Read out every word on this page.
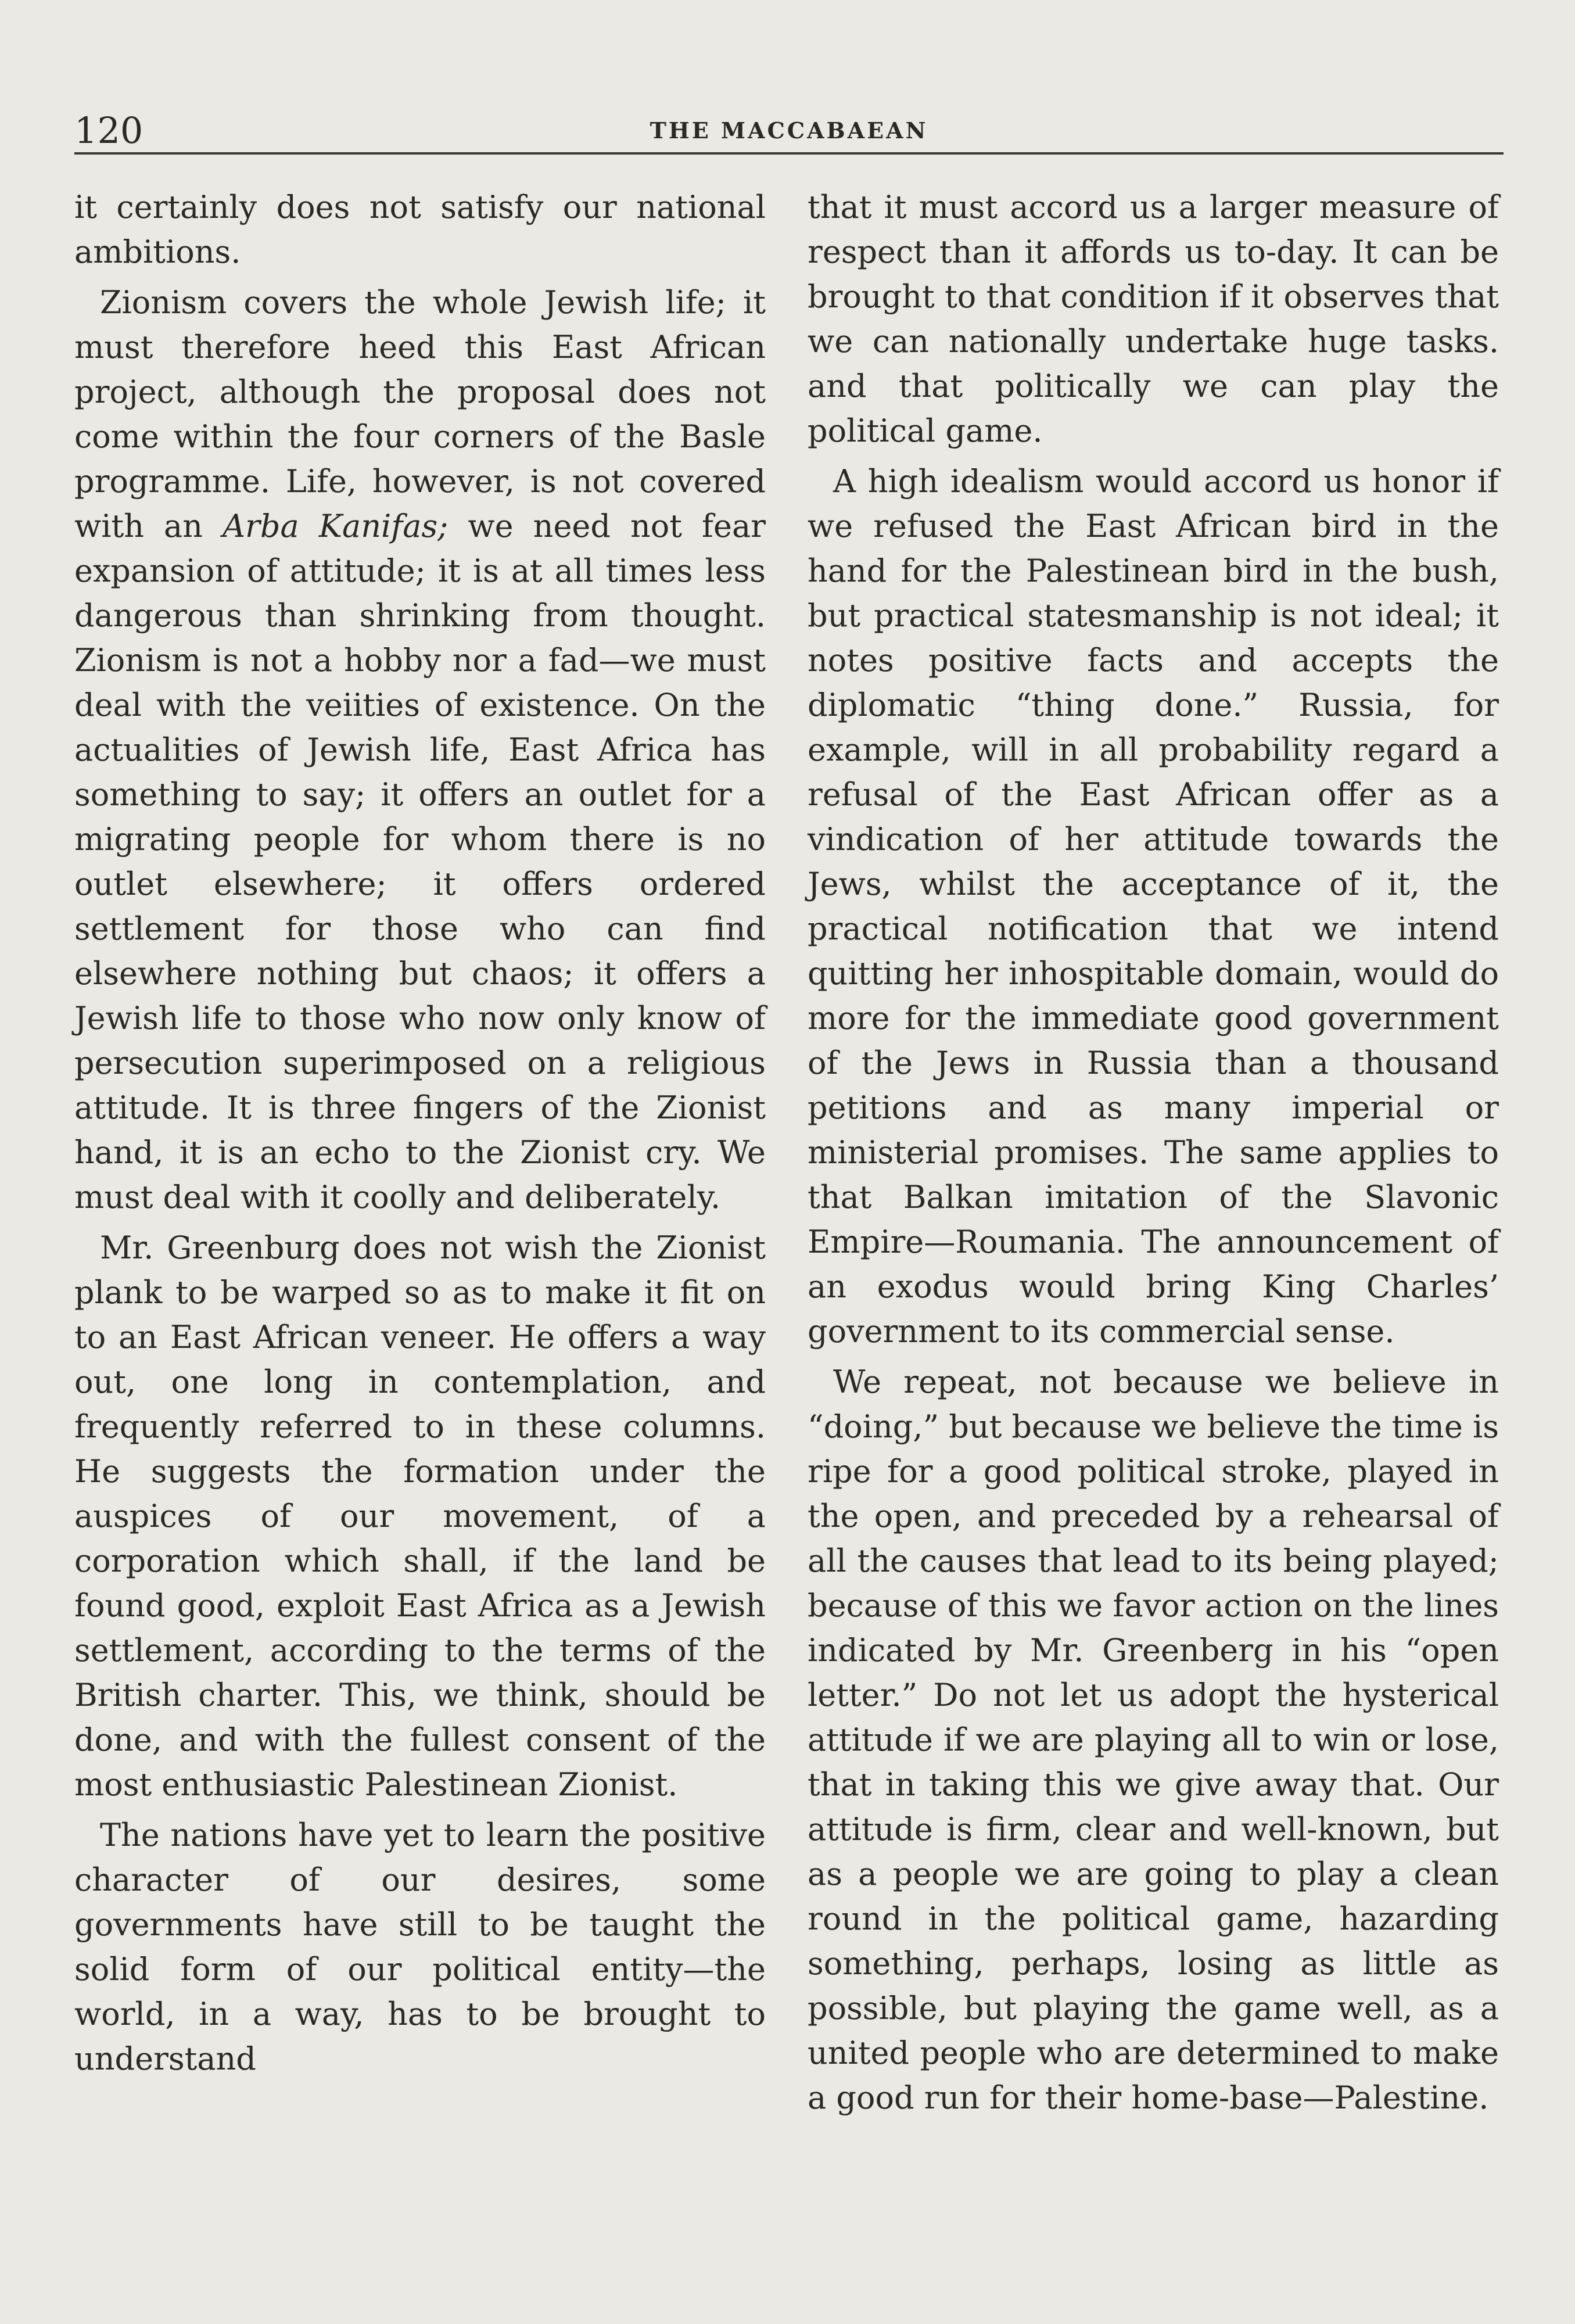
120	THE MACCABAEAN

it certainly does not satisfy our national ambitions.

Zionism covers the whole Jewish life; it must therefore heed this East African project, although the proposal does not come within the four corners of the Basle programme. Life, however, is not covered with an Arba Kanifas; we need not fear expansion of attitude; it is at all times less dangerous than shrinking from thought. Zionism is not a hobby nor a fad—we must deal with the veiities of existence. On the actualities of Jewish life, East Africa has something to say; it offers an outlet for a migrating people for whom there is no outlet elsewhere; it offers ordered settlement for those who can find elsewhere nothing but chaos; it offers a Jewish life to those who now only know of persecution superimposed on a religious attitude. It is three fingers of the Zionist hand, it is an echo to the Zionist cry. We must deal with it coolly and deliberately.

Mr. Greenburg does not wish the Zionist plank to be warped so as to make it fit on to an East African veneer. He offers a way out, one long in contemplation, and frequently referred to in these columns. He suggests the formation under the auspices of our movement, of a corporation which shall, if the land be found good, exploit East Africa as a Jewish settlement, according to the terms of the British charter. This, we think, should be done, and with the fullest consent of the most enthusiastic Palestinean Zionist.

The nations have yet to learn the positive character of our desires, some governments have still to be taught the solid form of our political entity—the world, in a way, has to be brought to understand

that it must accord us a larger measure of respect than it affords us to-day. It can be brought to that condition if it observes that we can nationally undertake huge tasks. and that politically we can play the political game.

A high idealism would accord us honor if we refused the East African bird in the hand for the Palestinean bird in the bush, but practical statesmanship is not ideal; it notes positive facts and accepts the diplomatic “thing done.” Russia, for example, will in all probability regard a refusal of the East African offer as a vindication of her attitude towards the Jews, whilst the acceptance of it, the practical notification that we intend quitting her inhospitable domain, would do more for the immediate good government of the Jews in Russia than a thousand petitions and as many imperial or ministerial promises. The same applies to that Balkan imitation of the Slavonic Empire—Roumania. The announcement of an exodus would bring King Charles’ government to its commercial sense.

We repeat, not because we believe in “doing,” but because we believe the time is ripe for a good political stroke, played in the open, and preceded by a rehearsal of all the causes that lead to its being played; because of this we favor action on the lines indicated by Mr. Greenberg in his “open letter.” Do not let us adopt the hysterical attitude if we are playing all to win or lose, that in taking this we give away that. Our attitude is firm, clear and well-known, but as a people we are going to play a clean round in the political game, hazarding something, perhaps, losing as little as possible, but playing the game well, as a united people who are determined to make a good run for their home-base—Palestine.
